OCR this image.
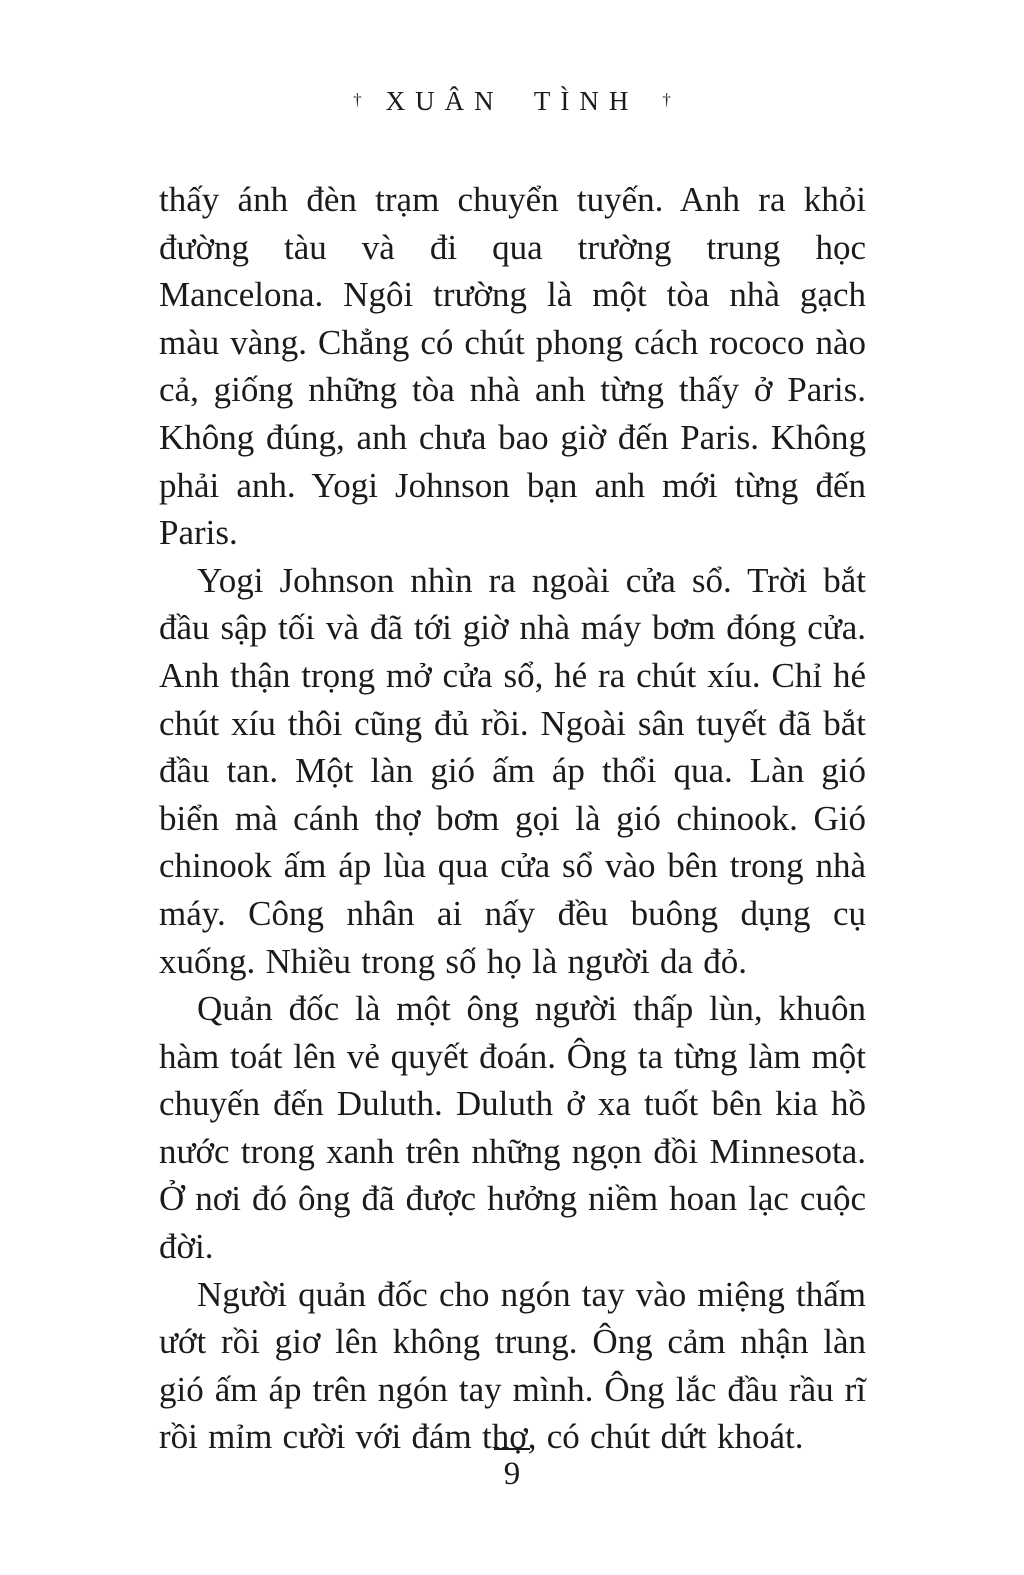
† XUÂN TÌNH †

thấy ánh đèn trạm chuyển tuyến. Anh ra khỏi đường tàu và đi qua trường trung học Mancelona. Ngôi trường là một tòa nhà gạch màu vàng. Chẳng có chút phong cách rococo nào cả, giống những tòa nhà anh từng thấy ở Paris. Không đúng, anh chưa bao giờ đến Paris. Không phải anh. Yogi Johnson bạn anh mới từng đến Paris.

Yogi Johnson nhìn ra ngoài cửa sổ. Trời bắt đầu sập tối và đã tới giờ nhà máy bơm đóng cửa. Anh thận trọng mở cửa sổ, hé ra chút xíu. Chỉ hé chút xíu thôi cũng đủ rồi. Ngoài sân tuyết đã bắt đầu tan. Một làn gió ấm áp thổi qua. Làn gió biển mà cánh thợ bơm gọi là gió chinook. Gió chinook ấm áp lùa qua cửa sổ vào bên trong nhà máy. Công nhân ai nấy đều buông dụng cụ xuống. Nhiều trong số họ là người da đỏ.

Quản đốc là một ông người thấp lùn, khuôn hàm toát lên vẻ quyết đoán. Ông ta từng làm một chuyến đến Duluth. Duluth ở xa tuốt bên kia hồ nước trong xanh trên những ngọn đồi Minnesota. Ở nơi đó ông đã được hưởng niềm hoan lạc cuộc đời.

Người quản đốc cho ngón tay vào miệng thấm ướt rồi giơ lên không trung. Ông cảm nhận làn gió ấm áp trên ngón tay mình. Ông lắc đầu rầu rĩ rồi mỉm cười với đám thợ, có chút dứt khoát.

9
